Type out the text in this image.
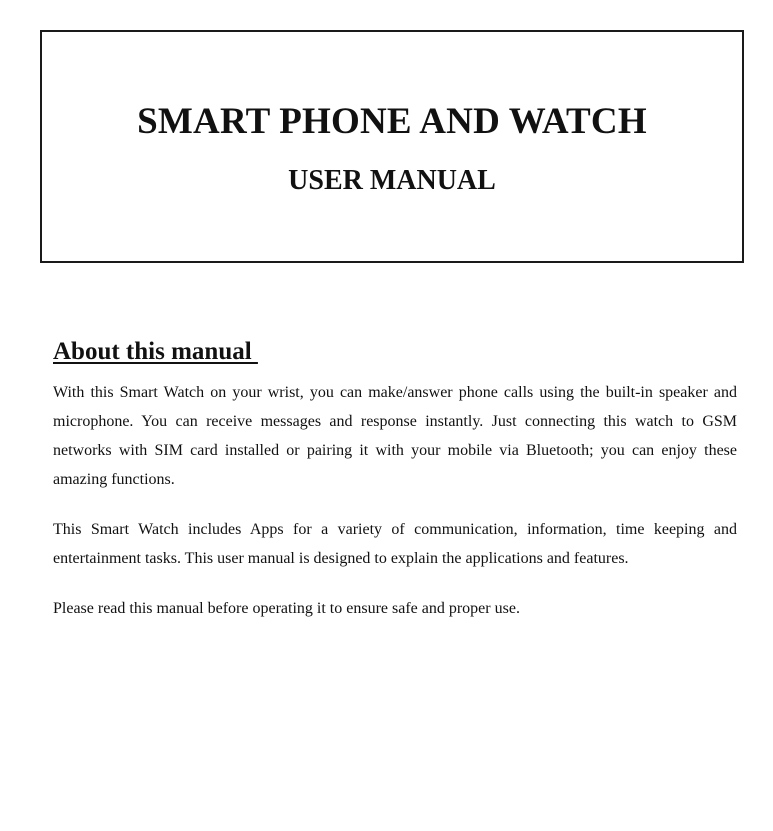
SMART PHONE AND WATCH
USER MANUAL
About this manual

With this Smart Watch on your wrist, you can make/answer phone calls using the built-in speaker and microphone. You can receive messages and response instantly. Just connecting this watch to GSM networks with SIM card installed or pairing it with your mobile via Bluetooth; you can enjoy these amazing functions.

This Smart Watch includes Apps for a variety of communication, information, time keeping and entertainment tasks. This user manual is designed to explain the applications and features.

Please read this manual before operating it to ensure safe and proper use.
